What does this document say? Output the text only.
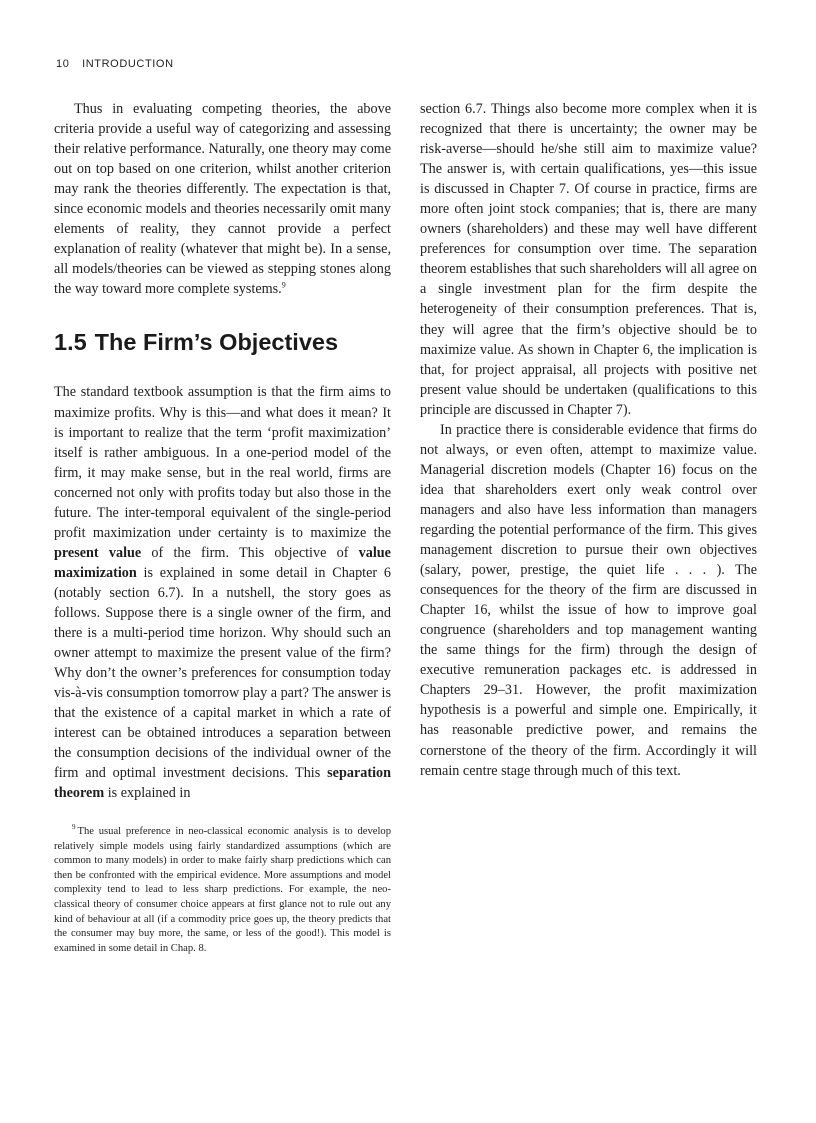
10 INTRODUCTION

Thus in evaluating competing theories, the above criteria provide a useful way of categorizing and assessing their relative performance. Naturally, one theory may come out on top based on one criterion, whilst another criterion may rank the theories differently. The expectation is that, since economic models and theories necessarily omit many elements of reality, they cannot provide a perfect explanation of reality (whatever that might be). In a sense, all models/theories can be viewed as stepping stones along the way toward more complete systems.$^9$

1.5 The Firm’s Objectives

The standard textbook assumption is that the firm aims to maximize profits. Why is this—and what does it mean? It is important to realize that the term ‘profit maximization’ itself is rather ambiguous. In a one-period model of the firm, it may make sense, but in the real world, firms are concerned not only with profits today but also those in the future. The inter-temporal equivalent of the single-period profit maximization under certainty is to maximize the present value of the firm. This objective of value maximization is explained in some detail in Chapter 6 (notably section 6.7). In a nutshell, the story goes as follows. Suppose there is a single owner of the firm, and there is a multi-period time horizon. Why should such an owner attempt to maximize the present value of the firm? Why don’t the owner’s preferences for consumption today vis-à-vis consumption tomorrow play a part? The answer is that the existence of a capital market in which a rate of interest can be obtained introduces a separation between the consumption decisions of the individual owner of the firm and optimal investment decisions. This separation theorem is explained in

section 6.7. Things also become more complex when it is recognized that there is uncertainty; the owner may be risk-averse—should he/she still aim to maximize value? The answer is, with certain qualifications, yes—this issue is discussed in Chapter 7. Of course in practice, firms are more often joint stock companies; that is, there are many owners (shareholders) and these may well have different preferences for consumption over time. The separation theorem establishes that such shareholders will all agree on a single investment plan for the firm despite the heterogeneity of their consumption preferences. That is, they will agree that the firm’s objective should be to maximize value. As shown in Chapter 6, the implication is that, for project appraisal, all projects with positive net present value should be undertaken (qualifications to this principle are discussed in Chapter 7).

In practice there is considerable evidence that firms do not always, or even often, attempt to maximize value. Managerial discretion models (Chapter 16) focus on the idea that shareholders exert only weak control over managers and also have less information than managers regarding the potential performance of the firm. This gives management discretion to pursue their own objectives (salary, power, prestige, the quiet life . . . ). The consequences for the theory of the firm are discussed in Chapter 16, whilst the issue of how to improve goal congruence (shareholders and top management wanting the same things for the firm) through the design of executive remuneration packages etc. is addressed in Chapters 29–31. However, the profit maximization hypothesis is a powerful and simple one. Empirically, it has reasonable predictive power, and remains the cornerstone of the theory of the firm. Accordingly it will remain centre stage through much of this text.

$^9$ The usual preference in neo-classical economic analysis is to develop relatively simple models using fairly standardized assumptions (which are common to many models) in order to make fairly sharp predictions which can then be confronted with the empirical evidence. More assumptions and model complexity tend to lead to less sharp predictions. For example, the neo-classical theory of consumer choice appears at first glance not to rule out any kind of behaviour at all (if a commodity price goes up, the theory predicts that the consumer may buy more, the same, or less of the good!). This model is examined in some detail in Chap. 8.
